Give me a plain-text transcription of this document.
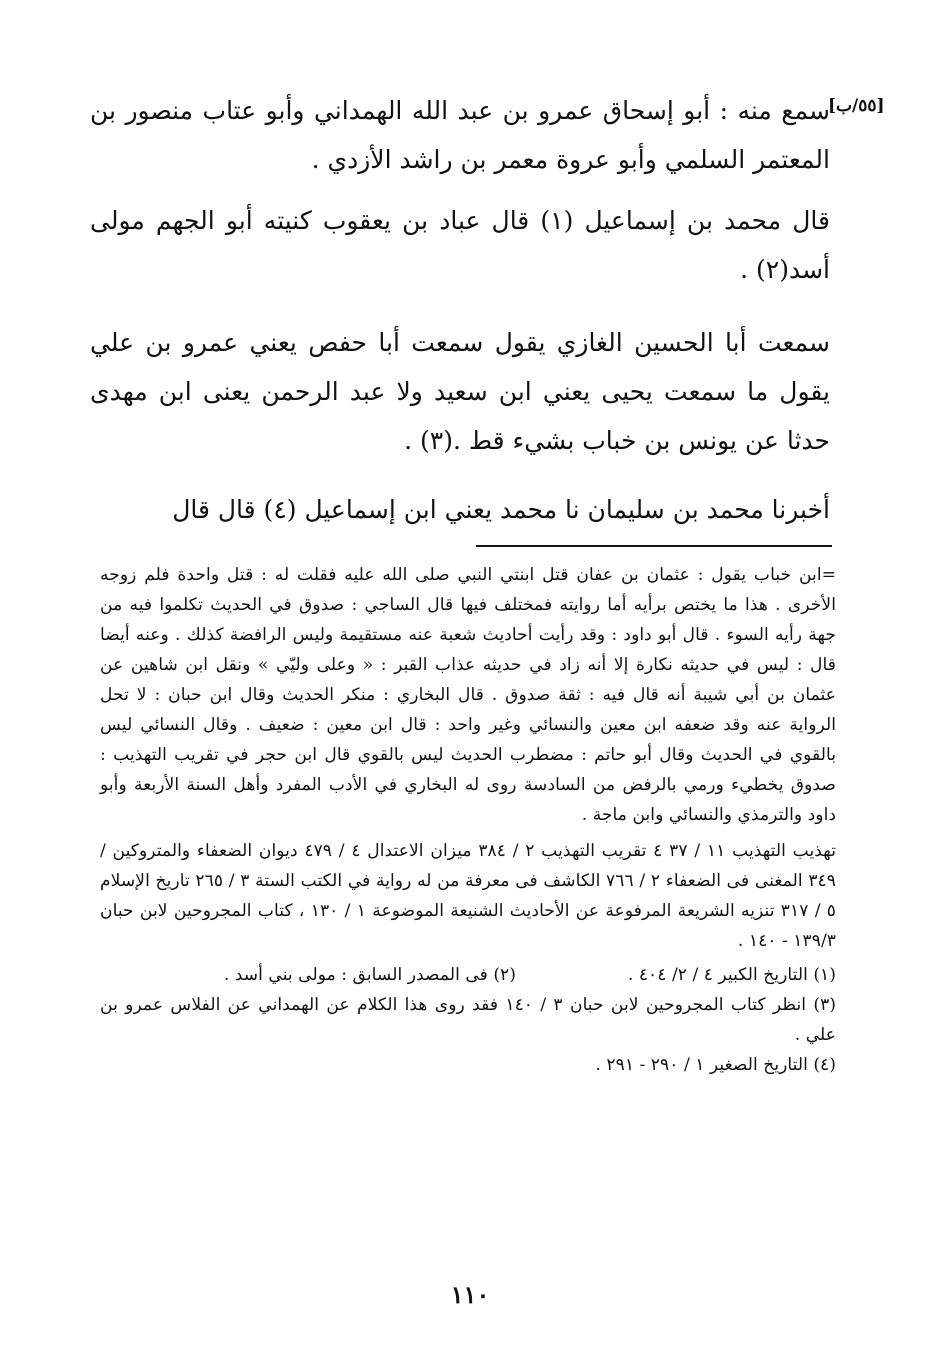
[٥٥/ب]

سمع منه : أبو إسحاق عمرو بن عبد الله الهمداني وأبو عتاب منصور بن المعتمر السلمي وأبو عروة معمر بن راشد الأزدي .

قال محمد بن إسماعيل (١) قال عباد بن يعقوب كنيته أبو الجهم مولى أسد(٢) .

سمعت أبا الحسين الغازي يقول سمعت أبا حفص يعني عمرو بن علي يقول ما سمعت يحيى يعني ابن سعيد ولا عبد الرحمن يعنى ابن مهدى حدثا عن يونس بن خباب بشيء قط .(٣) .

أخبرنا محمد بن سليمان نا محمد يعني ابن إسماعيل (٤) قال قال

=ابن خباب يقول : عثمان بن عفان قتل ابنتي النبي صلى الله عليه فقلت له : قتل واحدة فلم زوجه الأخرى . هذا ما يختص برأيه أما روايته فمختلف فيها قال الساجي : صدوق في الحديث تكلموا فيه من جهة رأيه السوء . قال أبو داود : وقد رأيت أحاديث شعبة عنه مستقيمة وليس الرافضة كذلك . وعنه أيضا قال : ليس في حديثه نكارة إلا أنه زاد في حديثه عذاب القبر : « وعلى وليّي » ونقل ابن شاهين عن عثمان بن أبي شيبة أنه قال فيه : ثقة صدوق . قال البخاري : منكر الحديث وقال ابن حبان : لا تحل الرواية عنه وقد ضعفه ابن معين والنسائي وغير واحد : قال ابن معين : ضعيف . وقال النسائي ليس بالقوي في الحديث وقال أبو حاتم : مضطرب الحديث ليس بالقوي قال ابن حجر في تقريب التهذيب : صدوق يخطيء ورمي بالرفض من السادسة روى له البخاري في الأدب المفرد وأهل السنة الأربعة وأبو داود والترمذي والنسائي وابن ماجة .

تهذيب التهذيب ١١ / ٣٧ ٤ تقريب التهذيب ٢ / ٣٨٤ ميزان الاعتدال ٤ / ٤٧٩ ديوان الضعفاء والمتروكين / ٣٤٩ المغنى فى الضعفاء ٢ / ٧٦٦ الكاشف فى معرفة من له رواية في الكتب الستة ٣ / ٢٦٥ تاريخ الإسلام ٥ / ٣١٧ تنزيه الشريعة المرفوعة عن الأحاديث الشنيعة الموضوعة ١ / ١٣٠ ، كتاب المجروحين لابن حبان ١٣٩/٣ - ١٤٠ .

(١) التاريخ الكبير ٤ / ٢/ ٤٠٤ .
(٢) فى المصدر السابق : مولى بني أسد .

(٣) انظر كتاب المجروحين لابن حبان ٣ / ١٤٠ فقد روى هذا الكلام عن الهمداني عن الفلاس عمرو بن علي .

(٤) التاريخ الصغير ١ / ٢٩٠ - ٢٩١ .

١١٠
